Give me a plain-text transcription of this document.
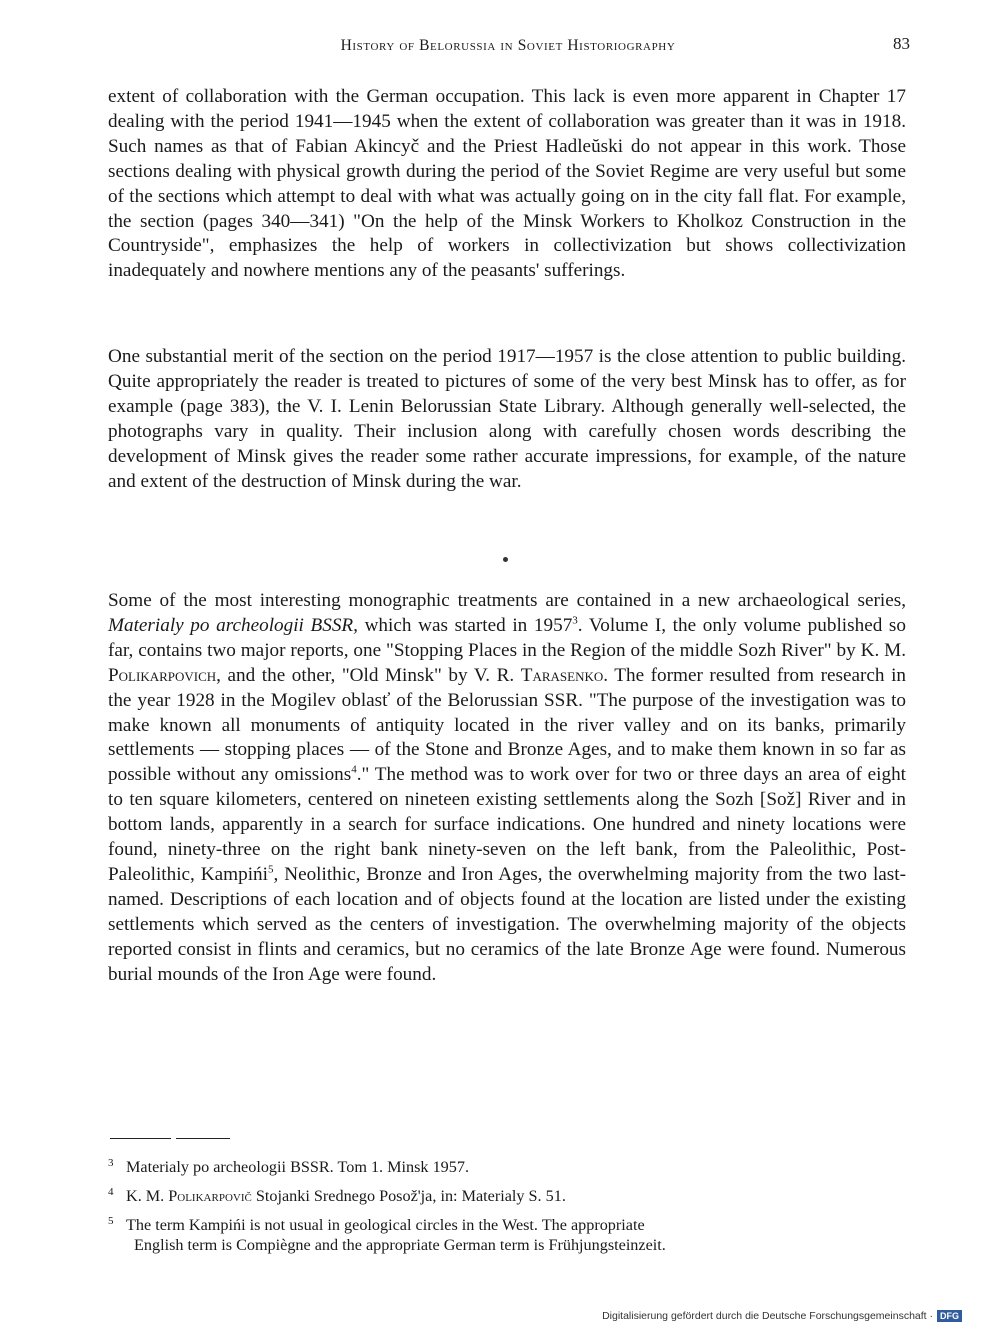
History of Belorussia in Soviet Historiography	83

extent of collaboration with the German occupation. This lack is even more apparent in Chapter 17 dealing with the period 1941—1945 when the extent of collaboration was greater than it was in 1918. Such names as that of Fabian Akincyč and the Priest Hadleŭski do not appear in this work. Those sections dealing with physical growth during the period of the Soviet Regime are very useful but some of the sections which attempt to deal with what was actually going on in the city fall flat. For example, the section (pages 340—341) "On the help of the Minsk Workers to Kholkoz Construction in the Countryside", emphasizes the help of workers in collectivization but shows collectivization inadequately and nowhere mentions any of the peasants' sufferings.

One substantial merit of the section on the period 1917—1957 is the close attention to public building. Quite appropriately the reader is treated to pictures of some of the very best Minsk has to offer, as for example (page 383), the V. I. Lenin Belorussian State Library. Although generally well-selected, the photographs vary in quality. Their inclusion along with carefully chosen words describing the development of Minsk gives the reader some rather accurate impressions, for example, of the nature and extent of the destruction of Minsk during the war.

Some of the most interesting monographic treatments are contained in a new archaeological series, Materialy po archeologii BSSR, which was started in 1957$^3$. Volume I, the only volume published so far, contains two major reports, one "Stopping Places in the Region of the middle Sozh River" by K. M. Polikarpovich, and the other, "Old Minsk" by V. R. Tarasenko. The former resulted from research in the year 1928 in the Mogilev oblasť of the Belorussian SSR. "The purpose of the investigation was to make known all monuments of antiquity located in the river valley and on its banks, primarily settlements — stopping places — of the Stone and Bronze Ages, and to make them known in so far as possible without any omissions$^4$." The method was to work over for two or three days an area of eight to ten square kilometers, centered on nineteen existing settlements along the Sozh [Sož] River and in bottom lands, apparently in a search for surface indications. One hundred and ninety locations were found, ninety-three on the right bank ninety-seven on the left bank, from the Paleolithic, Post-Paleolithic, Kampińi$^5$, Neolithic, Bronze and Iron Ages, the overwhelming majority from the two last-named. Descriptions of each location and of objects found at the location are listed under the existing settlements which served as the centers of investigation. The overwhelming majority of the objects reported consist in flints and ceramics, but no ceramics of the late Bronze Age were found. Numerous burial mounds of the Iron Age were found.

3 Materialy po archeologii BSSR. Tom 1. Minsk 1957.

4 K. M. Polikarpovič Stojanki Srednego Posož'ja, in: Materialy S. 51.

5 The term Kampińi is not usual in geological circles in the West. The appropriate
English term is Compiègne and the appropriate German term is Frühjungsteinzeit.

Digitalisierung gefördert durch die Deutsche Forschungsgemeinschaft · DFG
